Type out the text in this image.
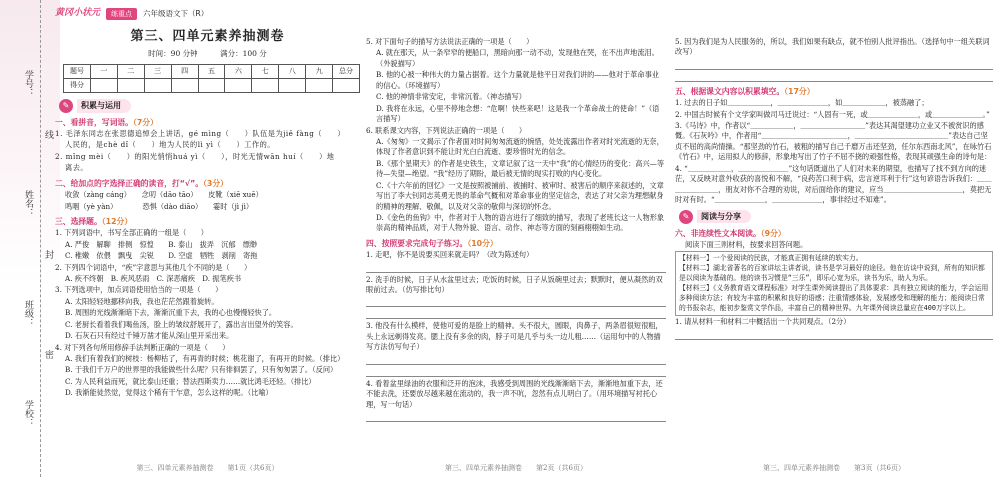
学号：
线
姓名：
封
班级：
密
学校：
黄冈小状元	练重点	六年级语文下（R）
第三、四单元素养抽测卷
时间：90 分钟　　　满分：100 分
题号	一	二	三	四	五	六	七	八	九	总分
得分										
✎	积累与运用
一、看拼音，写词语。（7分）

1. 毛泽东同志在张思德追悼会上讲话，gé mìng（　　）队伍是为jiě fàng（　　）

人民的，是chè dǐ（　　）地为人民的lì yì（　　）工作的。

2. mǐng mèi（　　）的阳光悄悄huá yì（　　），时光无情wān huí（　　）地

离去。

二、给加点的字选择正确的读音，打“√”。（3分）

收敛（zàng cáng）　　念叨（dāo tāo）　　皮靴（xiē xuē）

鸣咽（yè yàn）　　　　恐惧（dào diāo）　　霎时（jì jì）

三、选择题。（12分）

1. 下列词语中，书写全部正确的一组是（　　）

A. 严俊　解聊　排侧　惊惶　　B. 泰山　拔弄　沉郁　缥缈

C. 稚嫩　依偎　飘曳　尖锐　　D. 空虚　牺牲　剥削　寄拖

2. 下列四个词语中，“疾”字意思与其他几个不同的是（　　）

A. 疾不终朝　B. 疾风恶雨　C. 深恶痛疾　D. 振笔疾书

3. 下列选项中，加点词语使用恰当的一项是（　　）

A. 太阳轻轻地挪移向我，我也茫茫然跟着旋转。

B. 周围的光线渐渐暗下去，渐渐沉重下去，我的心也慢慢轻快了。

C. 老厨长看着我们喝鱼汤，脸上的皱纹舒展开了，露出言出望外的笑容。

D. 石灰石只有经过千锤万凿才能从深山里开采出来。

4. 对下列各句所用修辞手法判断正确的一项是（　　）

A. 我们有着我们的树枝：杨柳枯了，有再青的时候；桃花谢了，有再开的时候。（排比）

B. 于我们千万户的世界里的我能做些什么呢？只有徘徊罢了，只有匆匆罢了。（反问）

C. 为人民利益而死，就比泰山还重；替法西斯卖力……就比鸿毛还轻。（排比）

D. 我渐能徒然觉，觉得这个稀有干乍意，怎么这样的呢。（比喻）

第三、四单元素养抽测卷　　第1页（共6页）

5. 对下面句子的描写方法说法正确的一项是（　　）

A. 就在那天，从一条窄窄的便船口，黑暗向那一动不动，发现他在哭，在不出声地流泪。（外貌描写）

B. 他的心被一种伟大的力量占据着。这个力量就是他平日对我们讲的——他对于革命事业的信心。（环境描写）

C. 他的神情非常安定，非常沉着。（神态描写）

D. 我将在永远，心里不停地念想：“危啊！快些来吧！这是我一个革命战士的使命！”（语言描写）

6. 联系课文内容，下列说法正确的一项是（　　）

A.《匆匆》一文揭示了作者面对时间匆匆流逝的惋惜，处处流露出作者对时光流逝的无奈，体现了作者意识到不能让时光白白流逝、要珍惜时光的信念。

B.《那个星期天》的作者是史铁生，文章记叙了这一天中“我”的心情经历的变化：高兴—等待—失望—绝望。“我”经历了期盼，最后被无情的现实打败的内心变化。

C.《十六年前的回忆》一文是按照被捕前、被捕时、被审时、被害后的顺序来叙述的，文章写出了李大钊同志英勇无畏的革命气概和对革命事业的坚定信念，表达了对父亲为理想献身的精神的理解、敬佩，以及对父亲的敬仰与深切的怀念。

D.《金色的鱼钩》中，作者对于人物的语言进行了细致的描写，表现了老班长这一人物形象崇高的精神品质，对于人物外貌、语言、动作、神态等方面的刻画栩栩如生动。

四、按照要求完成句子练习。（10分）

1. 走吧，你不是说要买回来就走吗？（改为陈述句）

2. 洗手的时候，日子从水盆里过去；吃饭的时候，日子从饭碗里过去；默默时，便从凝然的双眼前过去。（仿写排比句）

3. 他没有什么模样，使他可爱的是脸上的精神。头不很大，圆眼，肉鼻子，两条眉很短很粗，头上永远剃得发亮。腮上没有多余的肉，脖子可是几乎与头一边儿粗……（运用句中的人物描写方法仿写句子）

4. 看着盆里绿油的衣服和泛开的泡沫，我感受到周围的光线渐渐暗下去，渐渐地加重下去，还不能去洗，还要放尽越来越在流动的，我一声不吭，忽然有点儿明白了。（用环境描写衬托心理，写一句话）

第三、四单元素养抽测卷　　第2页（共6页）

5. 因为我们是为人民服务的，所以，我们如果有缺点，就不怕别人批评指出。（选择句中一组关联词改写）

五、根据课文内容以积累填空。（17分）

1. 过去的日子如＿＿＿＿＿＿，＿＿＿＿＿＿＿，如＿＿＿＿＿＿，被蒸融了；

2. 中国古时候有个文学家叫做司马迁说过：“人固有一死，或＿＿＿＿＿＿＿，或＿＿＿＿＿＿＿。”

3.《马诗》中，作者以“＿＿＿＿＿＿，＿＿＿＿＿＿＿＿＿”表达其渴望建功立业又不被赏识的感慨。《石灰吟》中，作者用“＿＿＿＿＿＿＿＿＿＿＿＿，＿＿＿＿＿＿＿＿＿＿＿＿＿”表达自己坚贞不屈的高尚情操。“那坚劲的竹石，被粗的描写自己千磨万击还坚劲，任尔东西南北风”，在咏竹石《竹石》中，运用拟人的修辞，形象地写出了竹子不屈不挠的顽强性格，表现其顽强生命的诗句是：

4. “＿＿＿＿＿＿，＿＿＿＿＿＿＿”这句话既道出了人们对未来的期望，也描写了找不到方向的迷茫，又反映对意外收获的喜悦和不解，“良药苦口利于病，忠言逆耳利于行”这句谚语告诉我们：＿＿＿＿＿＿＿＿，朋友对你不合理的劝说，对后面给你的建议，应当＿＿＿＿＿＿＿＿＿＿＿，莫把无时对有时。“＿＿＿＿＿＿＿，＿＿＿＿＿＿＿，事非经过不知难”。

✎	阅读与分享
六、非连续性文本阅读。（9分）

阅读下面三则材料，按要求回答问题。

【材料一】一个爱阅读的民族，才能真正拥有延续的软实力。

【材料二】湖北省著名的百家讲坛主讲者说，读书是学习最好的途径。他在访谈中说到，所有的知识都是以阅读为基础的。他的读书习惯是“三乐”，即乐心宽为乐，读书为乐，助人为乐。

【材料三】《义务教育语文课程标准》对学生课外阅读提出了具体要求：具有独立阅读的能力，学会运用多种阅读方法；有较为丰富的积累和良好的语感；注重情感体验，发展感受和理解的能力；能阅读日常的书报杂志，能初步鉴赏文学作品，丰富自己的精神世界。九年课外阅读总量应在400万字以上。

1. 请从材料一和材料二中概括出一个共同观点。（2分）

第三、四单元素养抽测卷　　第3页（共6页）
